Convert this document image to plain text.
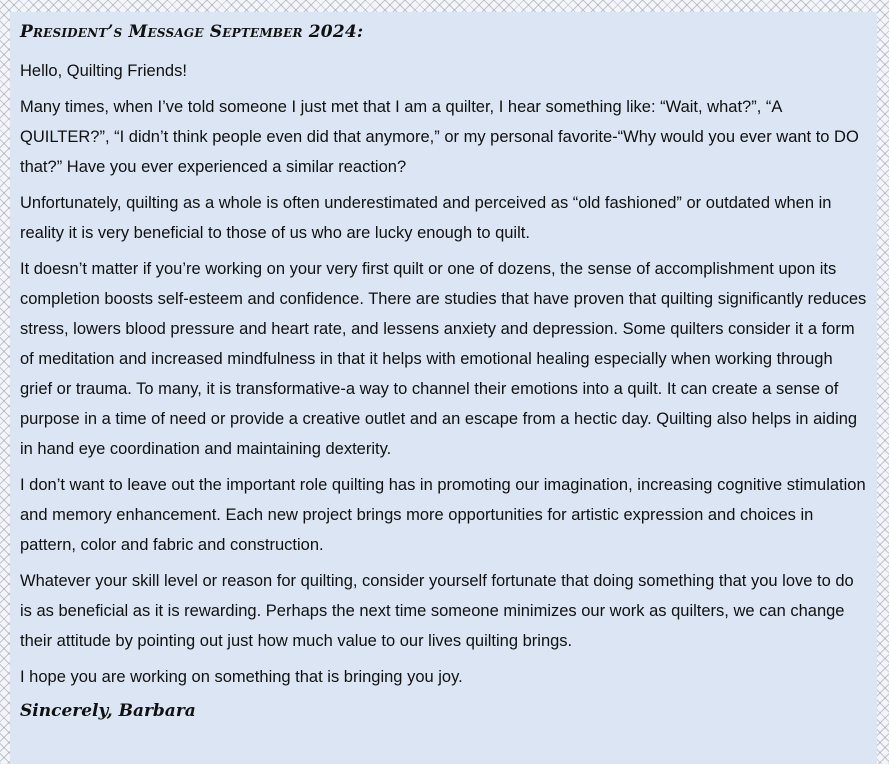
President’s Message September 2024:

Hello, Quilting Friends!

Many times, when I’ve told someone I just met that I am a quilter, I hear something like: “Wait, what?”, “A QUILTER?”, “I didn’t think people even did that anymore,” or my personal favorite-“Why would you ever want to DO that?” Have you ever experienced a similar reaction?

Unfortunately, quilting as a whole is often underestimated and perceived as “old fashioned” or outdated when in reality it is very beneficial to those of us who are lucky enough to quilt.

It doesn’t matter if you’re working on your very first quilt or one of dozens, the sense of accomplishment upon its completion boosts self-esteem and confidence. There are studies that have proven that quilting significantly reduces stress, lowers blood pressure and heart rate, and lessens anxiety and depression. Some quilters consider it a form of meditation and increased mindfulness in that it helps with emotional healing especially when working through grief or trauma. To many, it is transformative-a way to channel their emotions into a quilt. It can create a sense of purpose in a time of need or provide a creative outlet and an escape from a hectic day. Quilting also helps in aiding in hand eye coordination and maintaining dexterity.

I don’t want to leave out the important role quilting has in promoting our imagination, increasing cognitive stimulation and memory enhancement. Each new project brings more opportunities for artistic expression and choices in pattern, color and fabric and construction.

Whatever your skill level or reason for quilting, consider yourself fortunate that doing something that you love to do is as beneficial as it is rewarding. Perhaps the next time someone minimizes our work as quilters, we can change their attitude by pointing out just how much value to our lives quilting brings.

I hope you are working on something that is bringing you joy.

Sincerely, Barbara
